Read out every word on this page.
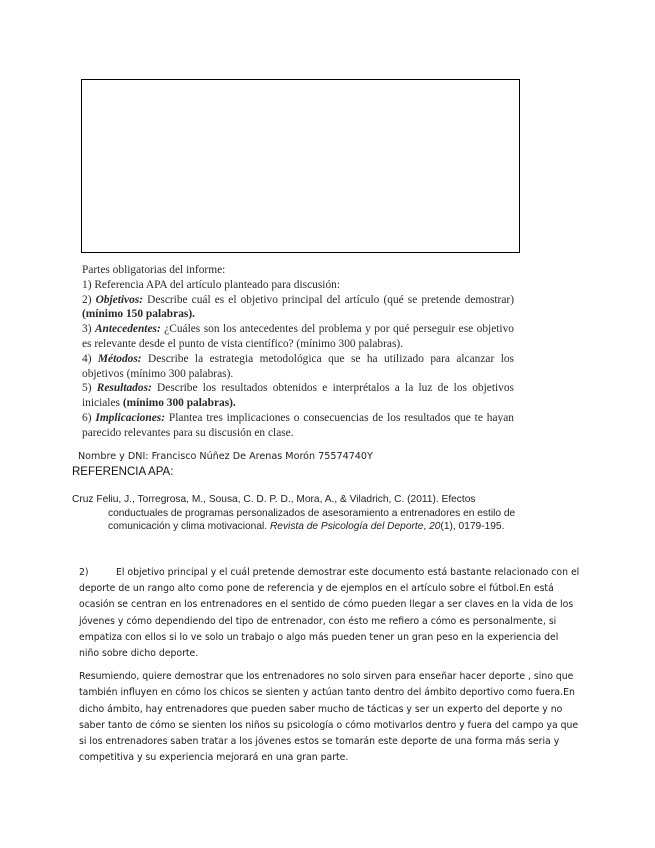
Partes obligatorias del informe:

1) Referencia APA del artículo planteado para discusión:

2) Objetivos: Describe cuál es el objetivo principal del artículo (qué se pretende demostrar) (mínimo 150 palabras).

3) Antecedentes: ¿Cuáles son los antecedentes del problema y por qué perseguir ese objetivo es relevante desde el punto de vista científico? (mínimo 300 palabras).

4) Métodos: Describe la estrategia metodológica que se ha utilizado para alcanzar los objetivos (mínimo 300 palabras).

5) Resultados: Describe los resultados obtenidos e interprétalos a la luz de los objetivos iniciales (mínimo 300 palabras).

6) Implicaciones: Plantea tres implicaciones o consecuencias de los resultados que te hayan parecido relevantes para su discusión en clase.

Nombre y DNI: Francisco Núñez De Arenas Morón 75574740Y
REFERENCIA APA:

Cruz Feliu, J., Torregrosa, M., Sousa, C. D. P. D., Mora, A., & Viladrich, C. (2011). Efectos

conductuales de programas personalizados de asesoramiento a entrenadores en estilo de

comunicación y clima motivacional. Revista de Psicología del Deporte, 20(1), 0179-195.

2)	El objetivo principal y el cuál pretende demostrar este documento está bastante relacionado con el deporte de un rango alto como pone de referencia y de ejemplos en el artículo sobre el fútbol.En está ocasión se centran en los entrenadores en el sentido de cómo pueden llegar a ser claves en la vida de los jóvenes y cómo dependiendo del tipo de entrenador, con ésto me refiero a cómo es personalmente, si empatiza con ellos si lo ve solo un trabajo o algo más pueden tener un gran peso en la experiencia del niño sobre dicho deporte.

Resumiendo, quiere demostrar que los entrenadores no solo sirven para enseñar hacer deporte , sino que también influyen en cómo los chicos se sienten y actúan tanto dentro del ámbito deportivo como fuera.En dicho ámbito, hay entrenadores que pueden saber mucho de tácticas y ser un experto del deporte y no saber tanto de cómo se sienten los niños su psicología o cómo motivarlos dentro y fuera del campo ya que si los entrenadores saben tratar a los jóvenes estos se tomarán este deporte de una forma más seria y competitiva y su experiencia mejorará en una gran parte.
